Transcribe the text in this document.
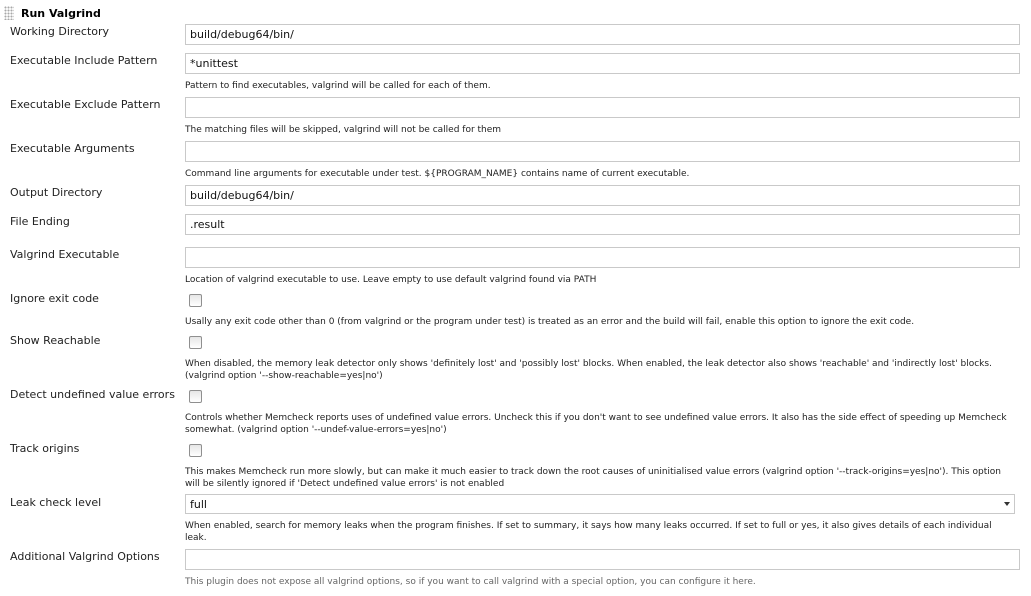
Run Valgrind
Working Directory
build/debug64/bin/
Executable Include Pattern
*unittest
Pattern to find executables, valgrind will be called for each of them.
Executable Exclude Pattern
The matching files will be skipped, valgrind will not be called for them
Executable Arguments
Command line arguments for executable under test. ${PROGRAM_NAME} contains name of current executable.
Output Directory
build/debug64/bin/
File Ending
.result
Valgrind Executable
Location of valgrind executable to use. Leave empty to use default valgrind found via PATH
Ignore exit code
Usally any exit code other than 0 (from valgrind or the program under test) is treated as an error and the build will fail, enable this option to ignore the exit code.
Show Reachable
When disabled, the memory leak detector only shows 'definitely lost' and 'possibly lost' blocks. When enabled, the leak detector also shows 'reachable' and 'indirectly lost' blocks. (valgrind option '--show-reachable=yes|no')
Detect undefined value errors
Controls whether Memcheck reports uses of undefined value errors. Uncheck this if you don't want to see undefined value errors. It also has the side effect of speeding up Memcheck somewhat. (valgrind option '--undef-value-errors=yes|no')
Track origins
This makes Memcheck run more slowly, but can make it much easier to track down the root causes of uninitialised value errors (valgrind option '--track-origins=yes|no'). This option will be silently ignored if 'Detect undefined value errors' is not enabled
Leak check level	full
When enabled, search for memory leaks when the program finishes. If set to summary, it says how many leaks occurred. If set to full or yes, it also gives details of each individual leak.
Additional Valgrind Options
This plugin does not expose all valgrind options, so if you want to call valgrind with a special option, you can configure it here.
